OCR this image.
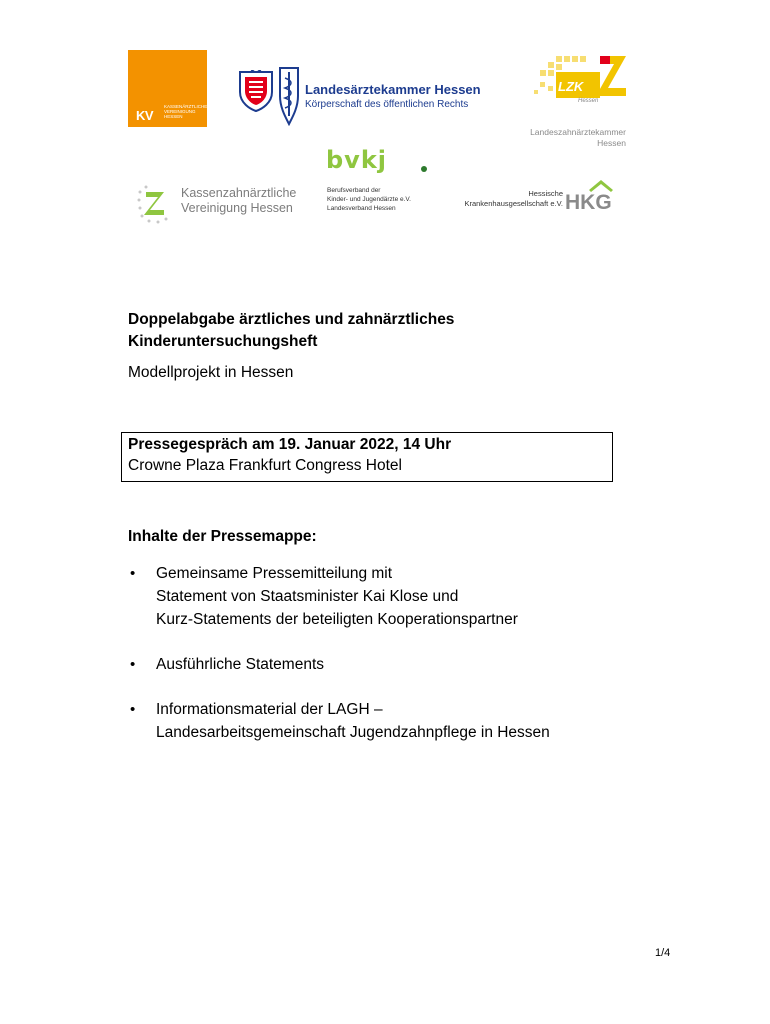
KV
KASSENÄRZTLICHE VEREINIGUNG HESSEN
Landesärztekammer Hessen
Körperschaft des öffentlichen Rechts
LZK
Hessen
Landeszahnärztekammer
Hessen
bvkj
Berufsverband der
Kinder- und Jugendärzte e.V.
Landesverband Hessen
Kassenzahnärztliche
Vereinigung Hessen
Hessische
Krankenhausgesellschaft e.V. HKG
Doppelabgabe ärztliches und zahnärztliches
Kinderuntersuchungsheft
Modellprojekt in Hessen
Pressegespräch am 19. Januar 2022, 14 Uhr
Crowne Plaza Frankfurt Congress Hotel
Inhalte der Pressemappe:
• Gemeinsame Pressemitteilung mit
Statement von Staatsminister Kai Klose und
Kurz-Statements der beteiligten Kooperationspartner
• Ausführliche Statements
• Informationsmaterial der LAGH –
Landesarbeitsgemeinschaft Jugendzahnpflege in Hessen
1/4
